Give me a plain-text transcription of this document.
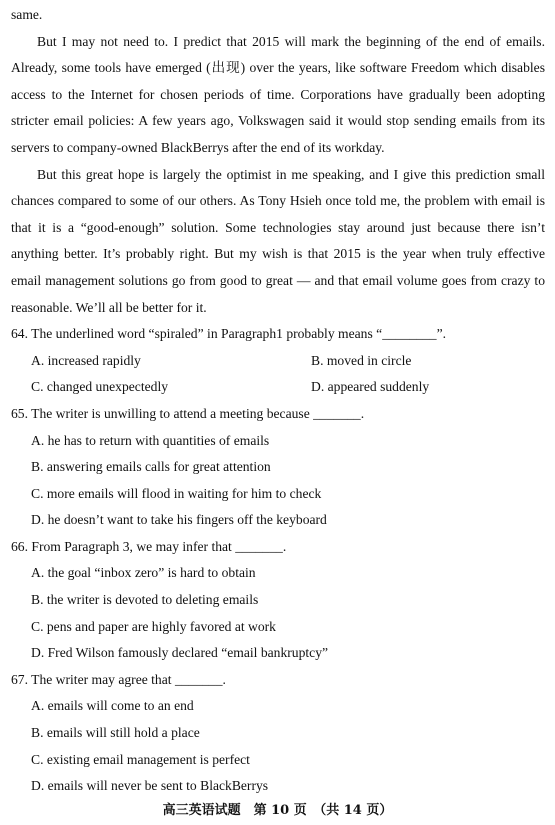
same.

But I may not need to. I predict that 2015 will mark the beginning of the end of emails. Already, some tools have emerged (出现) over the years, like software Freedom which disables access to the Internet for chosen periods of time. Corporations have gradually been adopting stricter email policies: A few years ago, Volkswagen said it would stop sending emails from its servers to company-owned BlackBerrys after the end of its workday.

But this great hope is largely the optimist in me speaking, and I give this prediction small chances compared to some of our others. As Tony Hsieh once told me, the problem with email is that it is a “good-enough” solution. Some technologies stay around just because there isn’t anything better. It’s probably right. But my wish is that 2015 is the year when truly effective email management solutions go from good to great — and that email volume goes from crazy to reasonable. We’ll all be better for it.

64. The underlined word “spiraled” in Paragraph1 probably means “________”.

A. increased rapidly	B. moved in circle
C. changed unexpectedly	D. appeared suddenly

65. The writer is unwilling to attend a meeting because _______.

A. he has to return with quantities of emails
B. answering emails calls for great attention
C. more emails will flood in waiting for him to check
D. he doesn’t want to take his fingers off the keyboard

66. From Paragraph 3, we may infer that _______.

A. the goal “inbox zero” is hard to obtain
B. the writer is devoted to deleting emails
C. pens and paper are highly favored at work
D. Fred Wilson famously declared “email bankruptcy”

67. The writer may agree that _______.

A. emails will come to an end
B. emails will still hold a place
C. existing email management is perfect
D. emails will never be sent to BlackBerrys
高三英语试题　第 10 页　（共 14 页）
